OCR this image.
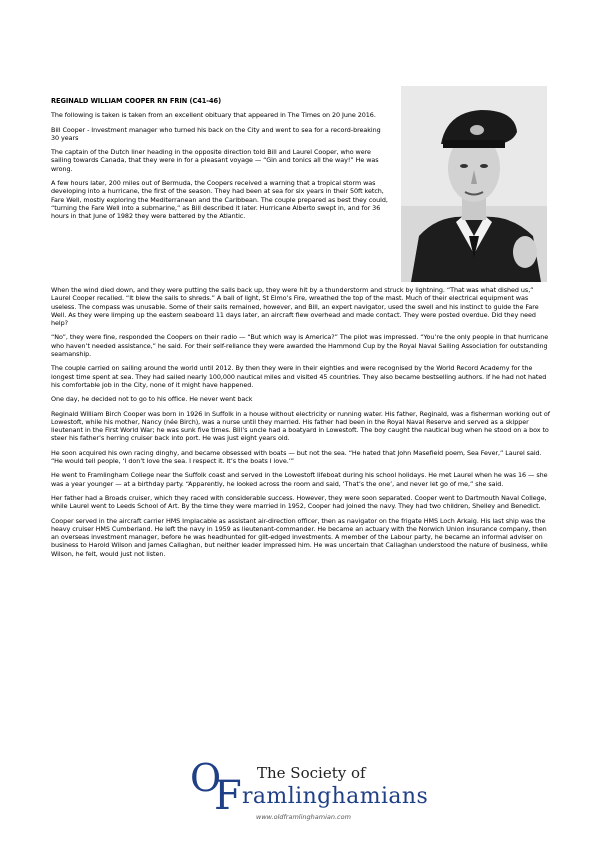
REGINALD WILLIAM COOPER RN FRIN (C41-46)

The following is taken is taken from an excellent obituary that appeared in The Times on 20 June 2016.

Bill Cooper - Investment manager who turned his back on the City and went to sea for a record-breaking 30 years

The captain of the Dutch liner heading in the opposite direction told Bill and Laurel Cooper, who were sailing towards Canada, that they were in for a pleasant voyage — “Gin and tonics all the way!” He was wrong.

A few hours later, 200 miles out of Bermuda, the Coopers received a warning that a tropical storm was developing into a hurricane, the first of the season. They had been at sea for six years in their 50ft ketch, Fare Well, mostly exploring the Mediterranean and the Caribbean. The couple prepared as best they could, “turning the Fare Well into a submarine,” as Bill described it later. Hurricane Alberto swept in, and for 36 hours in that June of 1982 they were battered by the Atlantic.

When the wind died down, and they were putting the sails back up, they were hit by a thunderstorm and struck by lightning. “That was what dished us,” Laurel Cooper recalled. “It blew the sails to shreds.” A ball of light, St Elmo’s Fire, wreathed the top of the mast. Much of their electrical equipment was useless. The compass was unusable. Some of their sails remained, however, and Bill, an expert navigator, used the swell and his instinct to guide the Fare Well. As they were limping up the eastern seaboard 11 days later, an aircraft flew overhead and made contact. They were posted overdue. Did they need help?

“No”, they were fine, responded the Coopers on their radio — “But which way is America?” The pilot was impressed. “You’re the only people in that hurricane who haven’t needed assistance,” he said. For their self-reliance they were awarded the Hammond Cup by the Royal Naval Sailing Association for outstanding seamanship.

The couple carried on sailing around the world until 2012. By then they were in their eighties and were recognised by the World Record Academy for the longest time spent at sea. They had sailed nearly 100,000 nautical miles and visited 45 countries. They also became bestselling authors. If he had not hated his comfortable job in the City, none of it might have happened.

One day, he decided not to go to his office. He never went back

Reginald William Birch Cooper was born in 1926 in Suffolk in a house without electricity or running water. His father, Reginald, was a fisherman working out of Lowestoft, while his mother, Nancy (née Birch), was a nurse until they married. His father had been in the Royal Naval Reserve and served as a skipper lieutenant in the First World War; he was sunk five times. Bill’s uncle had a boatyard in Lowestoft. The boy caught the nautical bug when he stood on a box to steer his father’s herring cruiser back into port. He was just eight years old.

He soon acquired his own racing dinghy, and became obsessed with boats — but not the sea. “He hated that John Masefield poem, Sea Fever,” Laurel said. “He would tell people, ‘I don’t love the sea. I respect it. It’s the boats I love.’”

He went to Framlingham College near the Suffolk coast and served in the Lowestoft lifeboat during his school holidays. He met Laurel when he was 16 — she was a year younger — at a birthday party. “Apparently, he looked across the room and said, ‘That’s the one’, and never let go of me,” she said.

Her father had a Broads cruiser, which they raced with considerable success. However, they were soon separated. Cooper went to Dartmouth Naval College, while Laurel went to Leeds School of Art. By the time they were married in 1952, Cooper had joined the navy. They had two children, Shelley and Benedict.

Cooper served in the aircraft carrier HMS Implacable as assistant air-direction officer, then as navigator on the frigate HMS Loch Arkaig. His last ship was the heavy cruiser HMS Cumberland. He left the navy in 1959 as lieutenant-commander. He became an actuary with the Norwich Union insurance company, then an overseas investment manager, before he was headhunted for gilt-edged investments. A member of the Labour party, he became an informal adviser on business to Harold Wilson and James Callaghan, but neither leader impressed him. He was uncertain that Callaghan understood the nature of business, while Wilson, he felt, would just not listen.

O
F The Society of
ramlinghamians
www.oldframlinghamian.com
